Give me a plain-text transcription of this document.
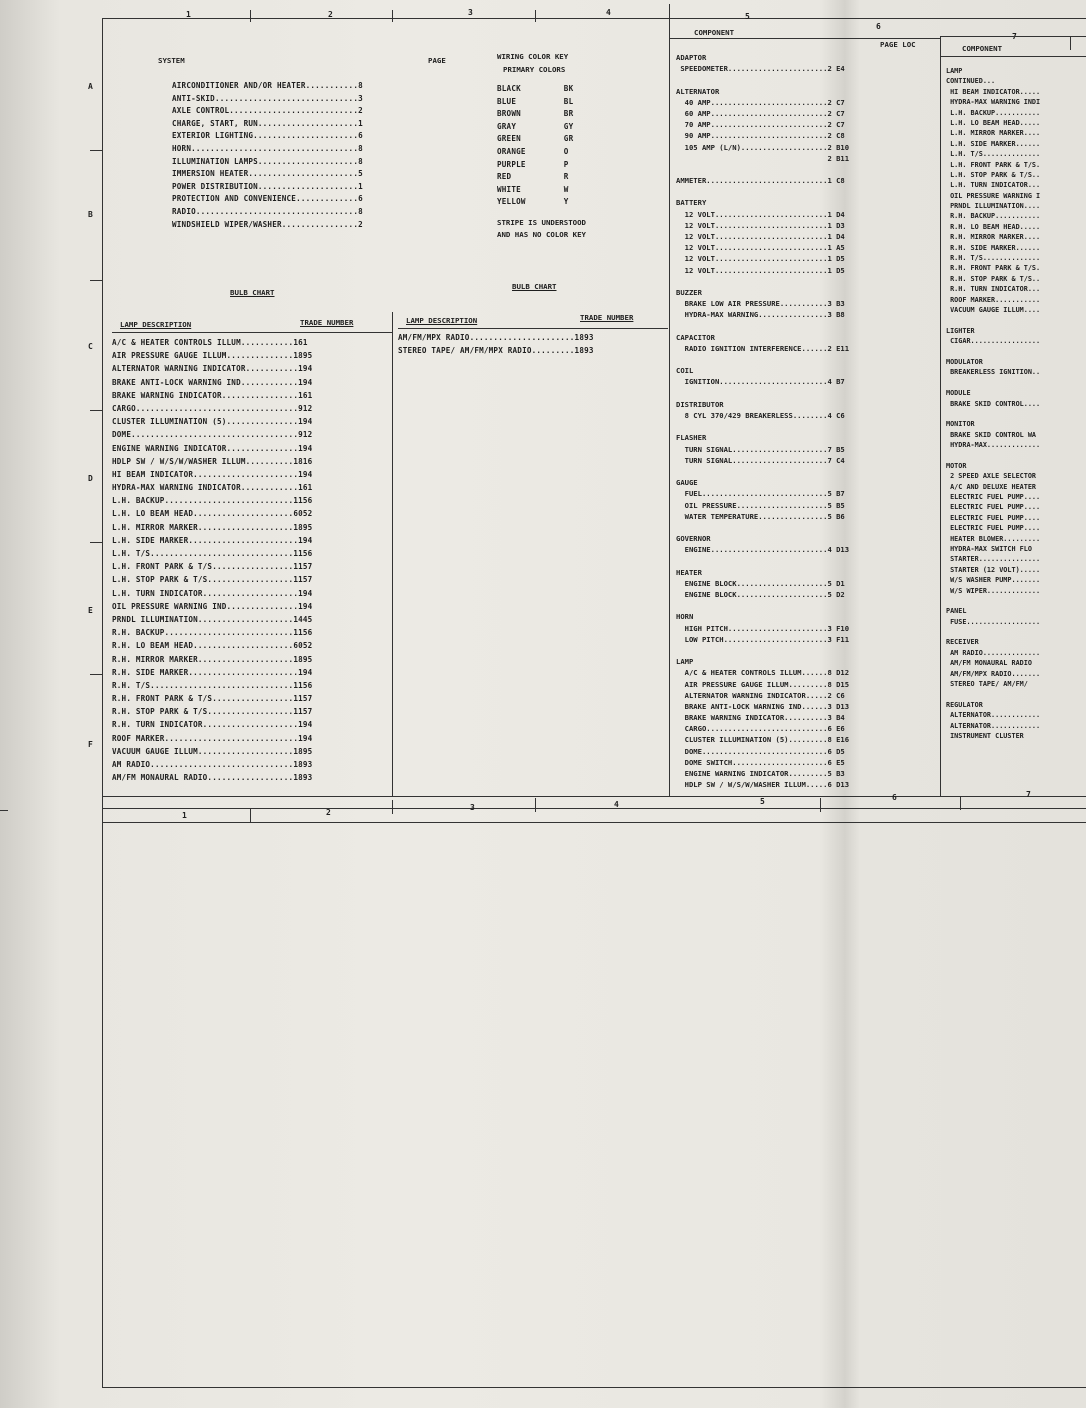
1	2	3	4	5
6
A
B
C
D
E
F
1	2
3	4	5	6	7
SYSTEM	PAGE
AIRCONDITIONER AND/OR HEATER...........8
ANTI-SKID..............................3
AXLE CONTROL...........................2
CHARGE, START, RUN.....................1
EXTERIOR LIGHTING......................6
HORN...................................8
ILLUMINATION LAMPS.....................8
IMMERSION HEATER.......................5
POWER DISTRIBUTION.....................1
PROTECTION AND CONVENIENCE.............6
RADIO..................................8
WINDSHIELD WIPER/WASHER................2
WIRING COLOR KEY
PRIMARY COLORS
BLACK         BK
BLUE          BL
BROWN         BR
GRAY          GY
GREEN         GR
ORANGE        O
PURPLE        P
RED           R
WHITE         W
YELLOW        Y
STRIPE IS UNDERSTOOD
AND HAS NO COLOR KEY
BULB CHART
LAMP DESCRIPTION	TRADE NUMBER
A/C & HEATER CONTROLS ILLUM...........161
AIR PRESSURE GAUGE ILLUM..............1895
ALTERNATOR WARNING INDICATOR...........194
BRAKE ANTI-LOCK WARNING IND............194
BRAKE WARNING INDICATOR................161
CARGO..................................912
CLUSTER ILLUMINATION (5)...............194
DOME...................................912
ENGINE WARNING INDICATOR...............194
HDLP SW / W/S/W/WASHER ILLUM..........1816
HI BEAM INDICATOR......................194
HYDRA-MAX WARNING INDICATOR............161
L.H. BACKUP...........................1156
L.H. LO BEAM HEAD.....................6052
L.H. MIRROR MARKER....................1895
L.H. SIDE MARKER.......................194
L.H. T/S..............................1156
L.H. FRONT PARK & T/S.................1157
L.H. STOP PARK & T/S..................1157
L.H. TURN INDICATOR....................194
OIL PRESSURE WARNING IND...............194
PRNDL ILLUMINATION....................1445
R.H. BACKUP...........................1156
R.H. LO BEAM HEAD.....................6052
R.H. MIRROR MARKER....................1895
R.H. SIDE MARKER.......................194
R.H. T/S..............................1156
R.H. FRONT PARK & T/S.................1157
R.H. STOP PARK & T/S..................1157
R.H. TURN INDICATOR....................194
ROOF MARKER............................194
VACUUM GAUGE ILLUM....................1895
AM RADIO..............................1893
AM/FM MONAURAL RADIO..................1893
BULB CHART
LAMP DESCRIPTION	TRADE NUMBER
AM/FM/MPX RADIO......................1893
STEREO TAPE/ AM/FM/MPX RADIO.........1893
COMPONENT
PAGE LOC
ADAPTOR
SPEEDOMETER.......................2 E4

ALTERNATOR
40 AMP...........................2 C7
60 AMP...........................2 C7
70 AMP...........................2 C7
90 AMP...........................2 C8
105 AMP (L/N)....................2 B10
2 B11

AMMETER............................1 C8

BATTERY
12 VOLT..........................1 D4
12 VOLT..........................1 D3
12 VOLT..........................1 D4
12 VOLT..........................1 A5
12 VOLT..........................1 D5
12 VOLT..........................1 D5

BUZZER
BRAKE LOW AIR PRESSURE...........3 B3
HYDRA-MAX WARNING................3 B8

CAPACITOR
RADIO IGNITION INTERFERENCE......2 E11

COIL
IGNITION.........................4 B7

DISTRIBUTOR
8 CYL 370/429 BREAKERLESS........4 C6

FLASHER
TURN SIGNAL......................7 B5
TURN SIGNAL......................7 C4

GAUGE
FUEL.............................5 B7
OIL PRESSURE.....................5 B5
WATER TEMPERATURE................5 B6

GOVERNOR
ENGINE...........................4 D13

HEATER
ENGINE BLOCK.....................5 D1
ENGINE BLOCK.....................5 D2

HORN
HIGH PITCH.......................3 F10
LOW PITCH........................3 F11

LAMP
A/C & HEATER CONTROLS ILLUM......8 D12
AIR PRESSURE GAUGE ILLUM.........8 D15
ALTERNATOR WARNING INDICATOR.....2 C6
BRAKE ANTI-LOCK WARNING IND......3 D13
BRAKE WARNING INDICATOR..........3 B4
CARGO............................6 E6
CLUSTER ILLUMINATION (5).........8 E16
DOME.............................6 D5
DOME SWITCH......................6 E5
ENGINE WARNING INDICATOR.........5 B3
HDLP SW / W/S/W/WASHER ILLUM.....6 D13
COMPONENT
LAMP
CONTINUED...
HI BEAM INDICATOR.....
HYDRA-MAX WARNING INDI
L.H. BACKUP...........
L.H. LO BEAM HEAD.....
L.H. MIRROR MARKER....
L.H. SIDE MARKER......
L.H. T/S..............
L.H. FRONT PARK & T/S.
L.H. STOP PARK & T/S..
L.H. TURN INDICATOR...
OIL PRESSURE WARNING I
PRNDL ILLUMINATION....
R.H. BACKUP...........
R.H. LO BEAM HEAD.....
R.H. MIRROR MARKER....
R.H. SIDE MARKER......
R.H. T/S..............
R.H. FRONT PARK & T/S.
R.H. STOP PARK & T/S..
R.H. TURN INDICATOR...
ROOF MARKER...........
VACUUM GAUGE ILLUM....

LIGHTER
CIGAR.................

MODULATOR
BREAKERLESS IGNITION..

MODULE
BRAKE SKID CONTROL....

MONITOR
BRAKE SKID CONTROL WA
HYDRA-MAX.............

MOTOR
2 SPEED AXLE SELECTOR
A/C AND DELUXE HEATER
ELECTRIC FUEL PUMP....
ELECTRIC FUEL PUMP....
ELECTRIC FUEL PUMP....
ELECTRIC FUEL PUMP....
HEATER BLOWER.........
HYDRA-MAX SWITCH FLO
STARTER...............
STARTER (12 VOLT).....
W/S WASHER PUMP.......
W/S WIPER.............

PANEL
FUSE..................

RECEIVER
AM RADIO..............
AM/FM MONAURAL RADIO
AM/FM/MPX RADIO.......
STEREO TAPE/ AM/FM/

REGULATOR
ALTERNATOR............
ALTERNATOR............
INSTRUMENT CLUSTER
